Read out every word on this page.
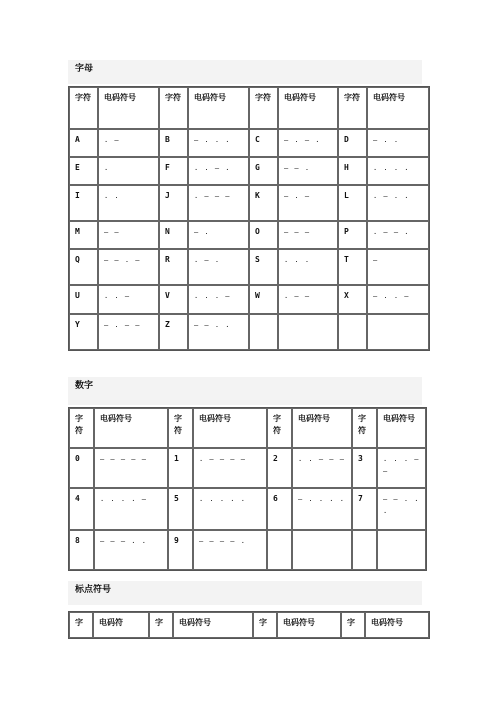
字母
字符	电码符号	字符	电码符号	字符	电码符号	字符	电码符号
A	. —	B	— . . .	C	— . — .	D	— . .
E	.	F	. . — .	G	— — .	H	. . . .
I	. .	J	. — — —	K	— . —	L	. — . .
M	— —	N	— .	O	— — —	P	. — — .
Q	— — . —	R	. — .	S	. . .	T	—
U	. . —	V	. . . —	W	. — —	X	— . . —
Y	— . — —	Z	— — . .				
数字
字符	电码符号	字符	电码符号	字符	电码符号	字符	电码符号
0	— — — — —	1	. — — — —	2	. . — — —	3	. . . — —
4	. . . . —	5	. . . . .	6	— . . . .	7	— — . . .
8	— — — . .	9	— — — — .				
标点符号
字	电码符	字	电码符号	字	电码符号	字	电码符号
